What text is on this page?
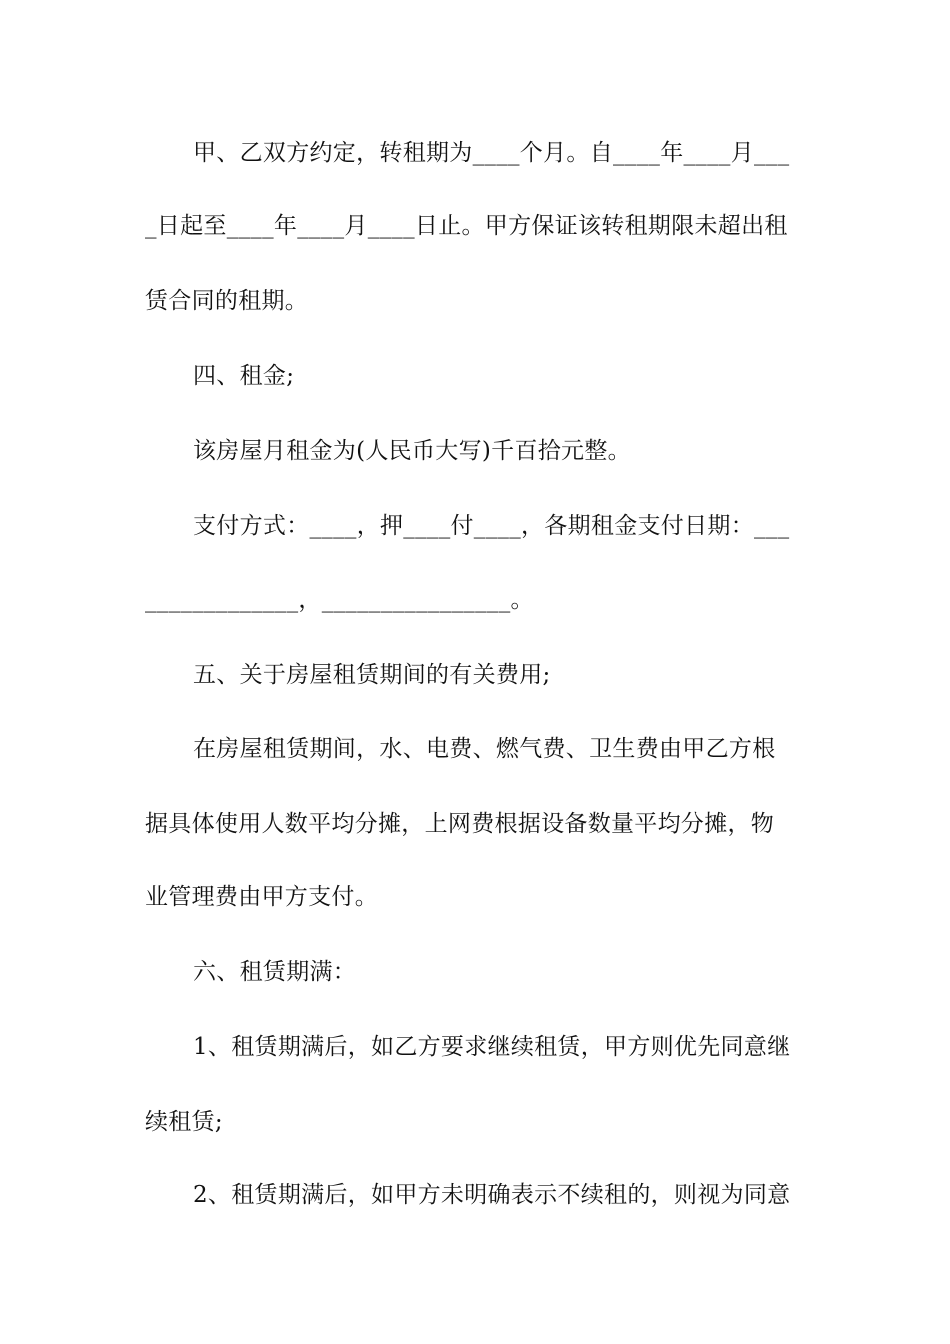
甲、乙双方约定，转租期为____个月。自____年____月___
_日起至____年____月____日止。甲方保证该转租期限未超出租
赁合同的租期。
四、租金;
该房屋月租金为(人民币大写)千百拾元整。
支付方式：____，押____付____，各期租金支付日期：___
_____________，________________。
五、关于房屋租赁期间的有关费用;
在房屋租赁期间，水、电费、燃气费、卫生费由甲乙方根
据具体使用人数平均分摊，上网费根据设备数量平均分摊，物
业管理费由甲方支付。
六、租赁期满：
1、租赁期满后，如乙方要求继续租赁，甲方则优先同意继
续租赁;
2、租赁期满后，如甲方未明确表示不续租的，则视为同意
